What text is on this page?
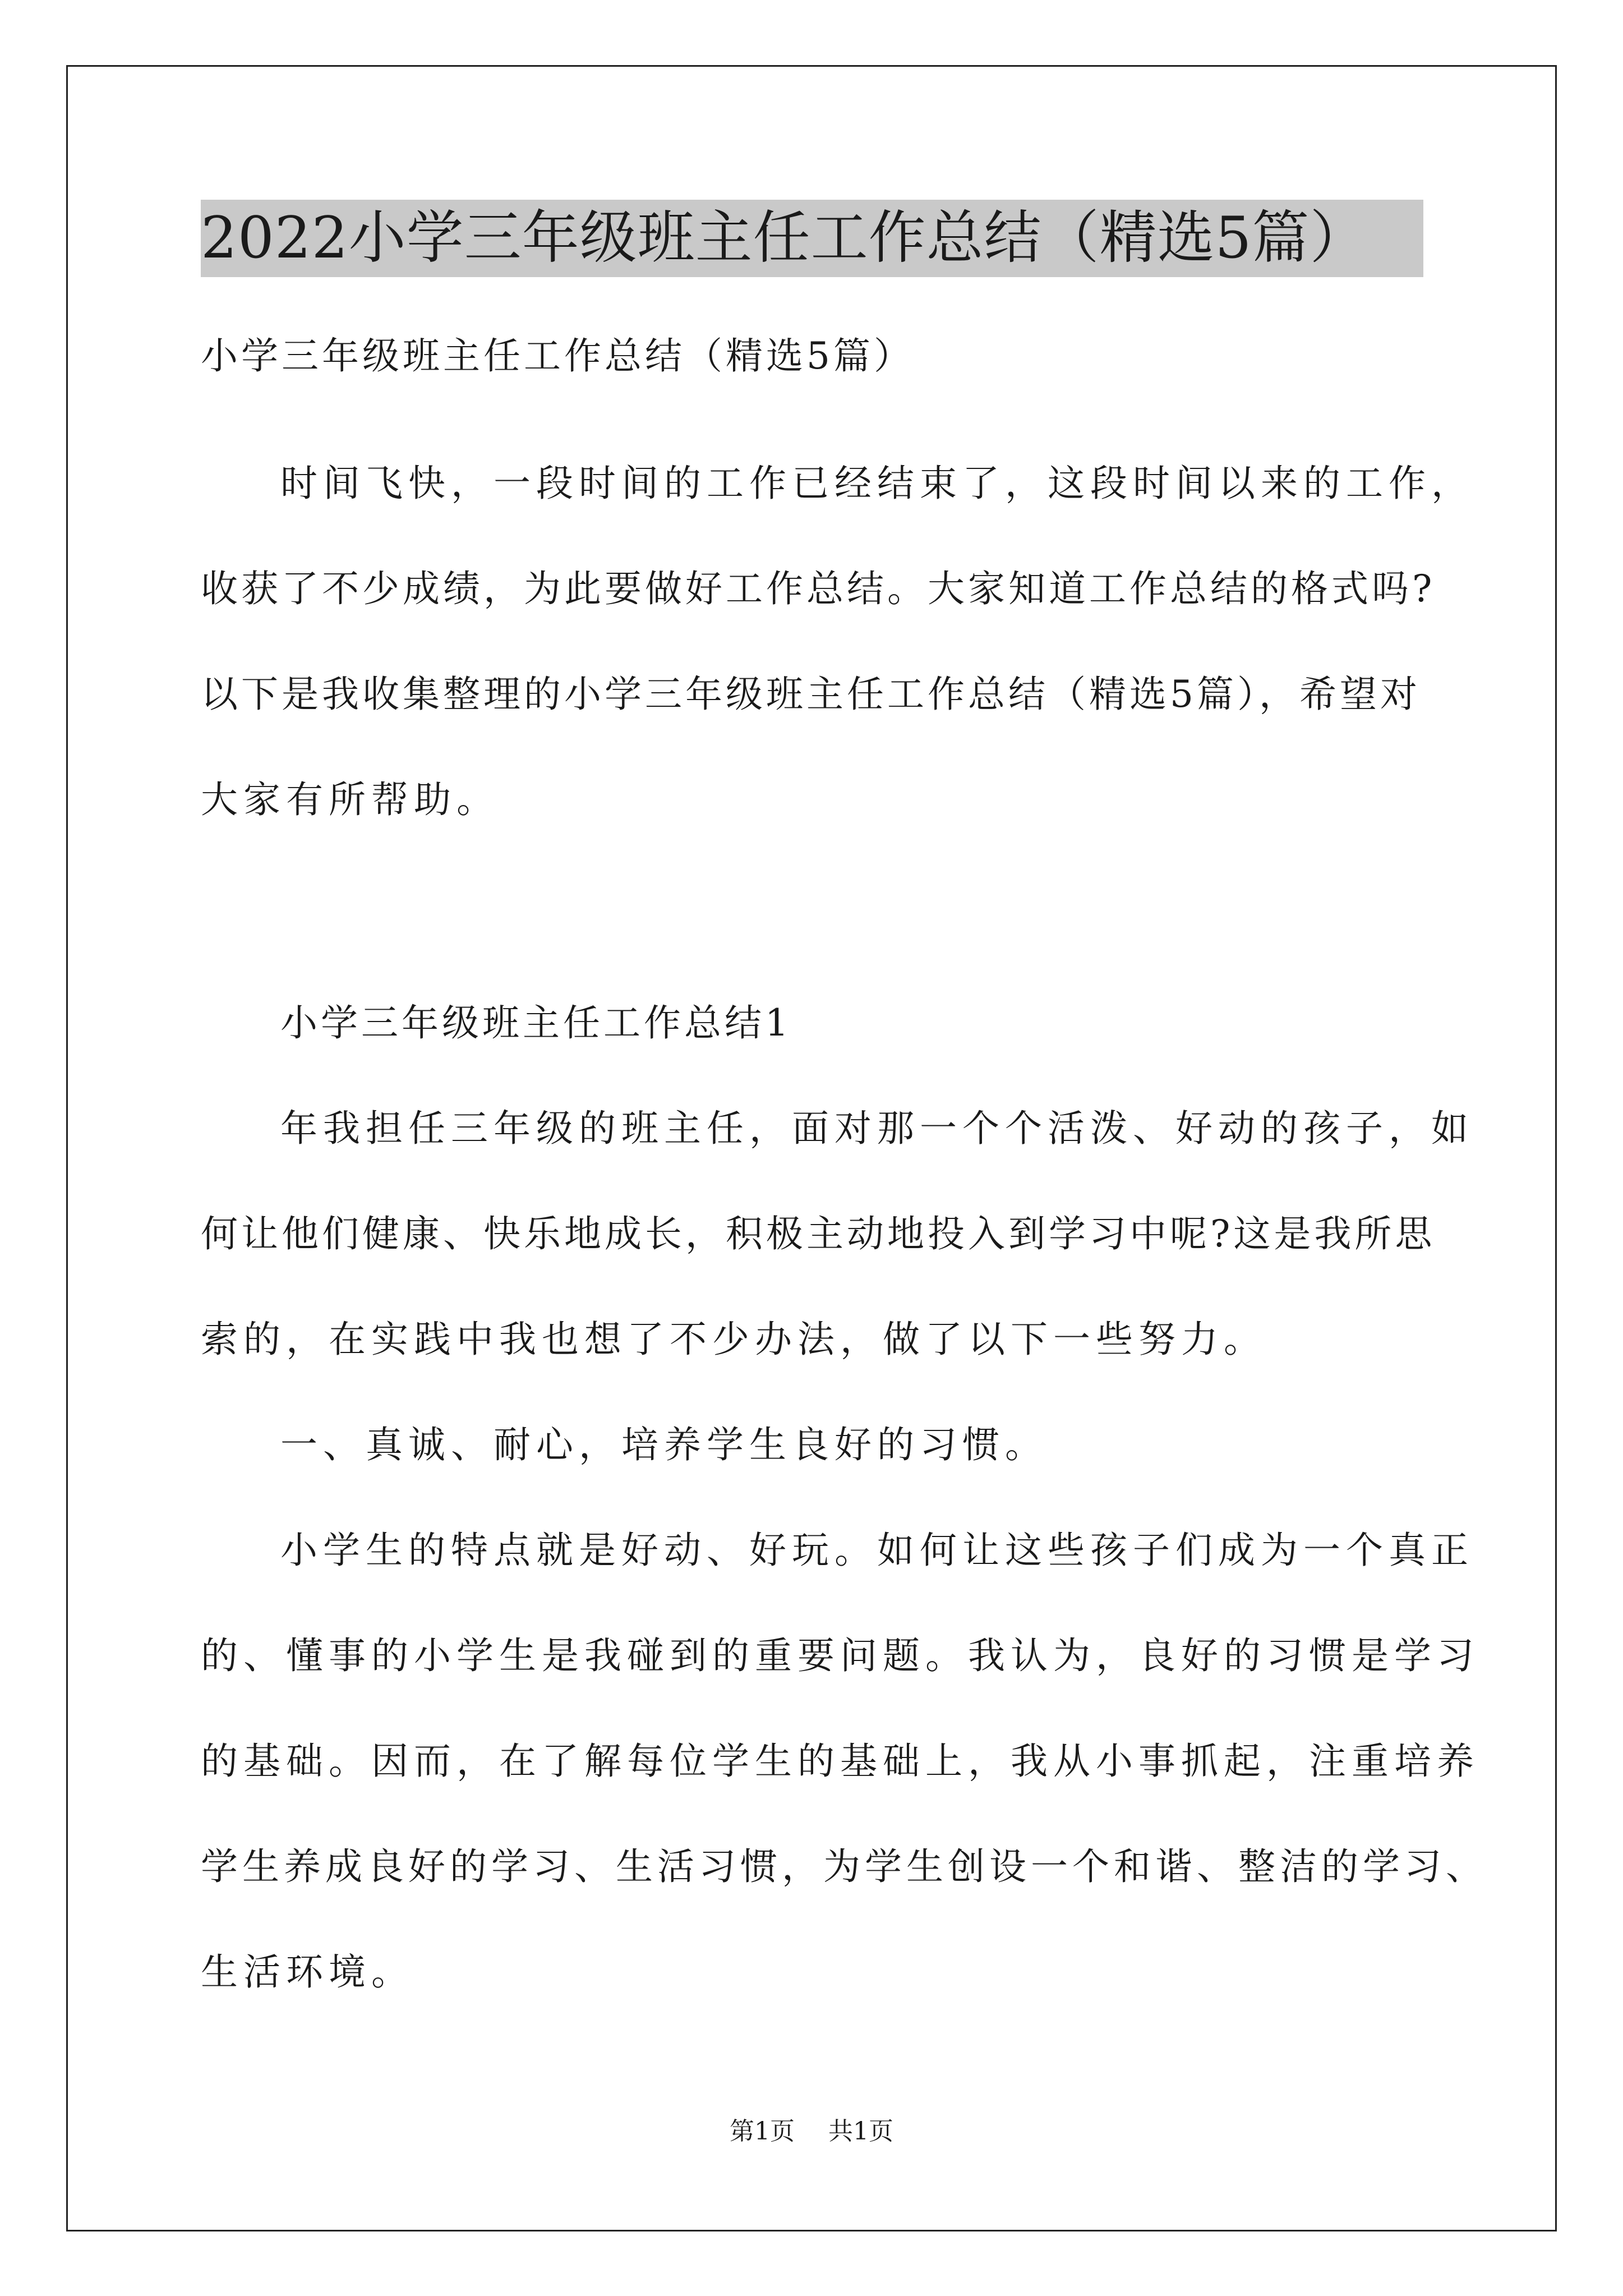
2022小学三年级班主任工作总结（精选5篇）
小学三年级班主任工作总结（精选5篇）
时间飞快，一段时间的工作已经结束了，这段时间以来的工作，
收获了不少成绩，为此要做好工作总结。大家知道工作总结的格式吗?
以下是我收集整理的小学三年级班主任工作总结（精选5篇），希望对
大家有所帮助。
小学三年级班主任工作总结1
年我担任三年级的班主任，面对那一个个活泼、好动的孩子，如
何让他们健康、快乐地成长，积极主动地投入到学习中呢?这是我所思
索的，在实践中我也想了不少办法，做了以下一些努力。
一、真诚、耐心，培养学生良好的习惯。
小学生的特点就是好动、好玩。如何让这些孩子们成为一个真正
的、懂事的小学生是我碰到的重要问题。我认为，良好的习惯是学习
的基础。因而，在了解每位学生的基础上，我从小事抓起，注重培养
学生养成良好的学习、生活习惯，为学生创设一个和谐、整洁的学习、
生活环境。
第1页 共1页
